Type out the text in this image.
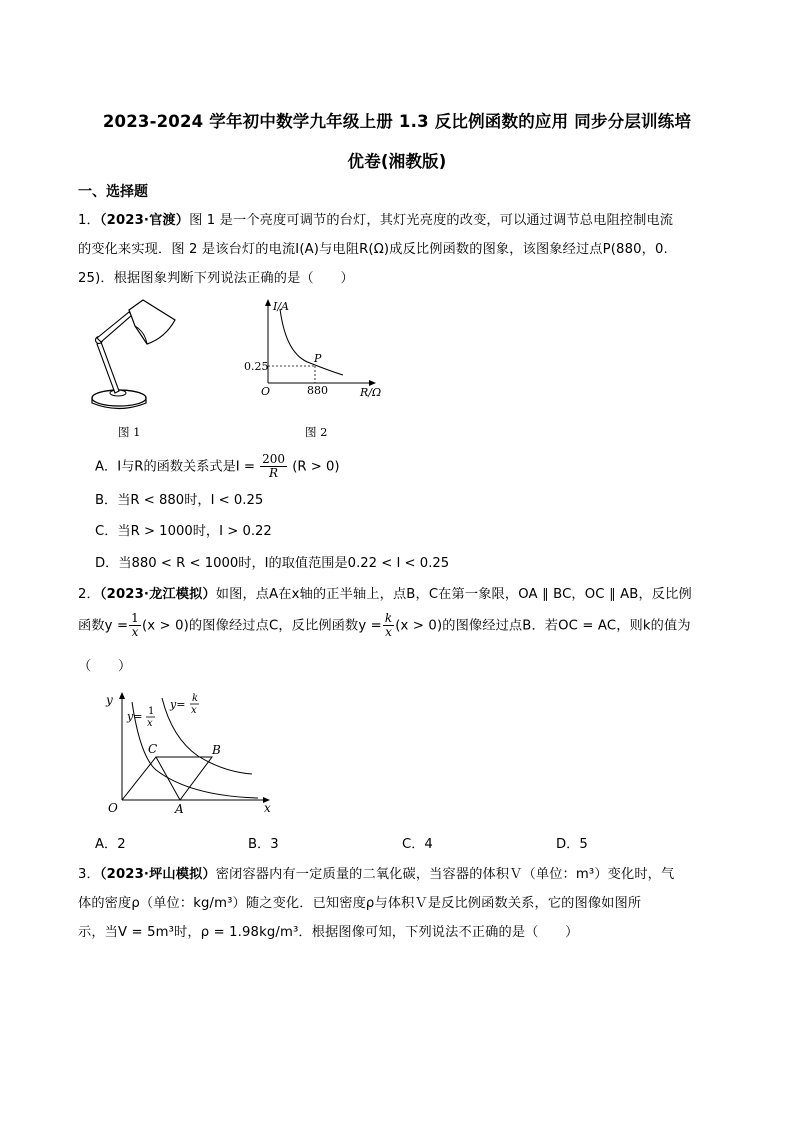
2023-2024 学年初中数学九年级上册 1.3 反比例函数的应用 同步分层训练培
优卷(湘教版)
一、选择题
1．（2023·官渡）图 1 是一个亮度可调节的台灯，其灯光亮度的改变，可以通过调节总电阻控制电流
的变化来实现．图 2 是该台灯的电流I(A)与电阻R(Ω)成反比例函数的图象，该图象经过点P(880，0.
25)．根据图象判断下列说法正确的是（　　）
图 1
I/A
R/Ω
O
P
0.25
880
图 2
A．I与R的函数关系式是$I = \frac{200}{R} (R > 0)$
B．当R < 880时，I < 0.25
C．当R > 1000时，I > 0.22
D．当880 < R < 1000时，I的取值范围是0.22 < I < 0.25
2．（2023·龙江模拟）如图，点A在x轴的正半轴上，点B，C在第一象限，OA ∥ BC，OC ∥ AB，反比例
函数$y = \frac{1}{x} (x > 0)$的图像经过点C，反比例函数$y = \frac{k}{x} (x > 0)$的图像经过点B．若OC = AC，则k的值为
（　　）
y
x
O
C	B
A
y= 1
x
y= k
x
A．2	B．3	C．4	D．5
3．（2023·坪山模拟）密闭容器内有一定质量的二氧化碳，当容器的体积Ｖ（单位：m³）变化时，气
体的密度ρ（单位：kg/m³）随之变化．已知密度ρ与体积Ｖ是反比例函数关系，它的图像如图所
示，当V = 5m³时，ρ = 1.98kg/m³．根据图像可知，下列说法不正确的是（　　）
